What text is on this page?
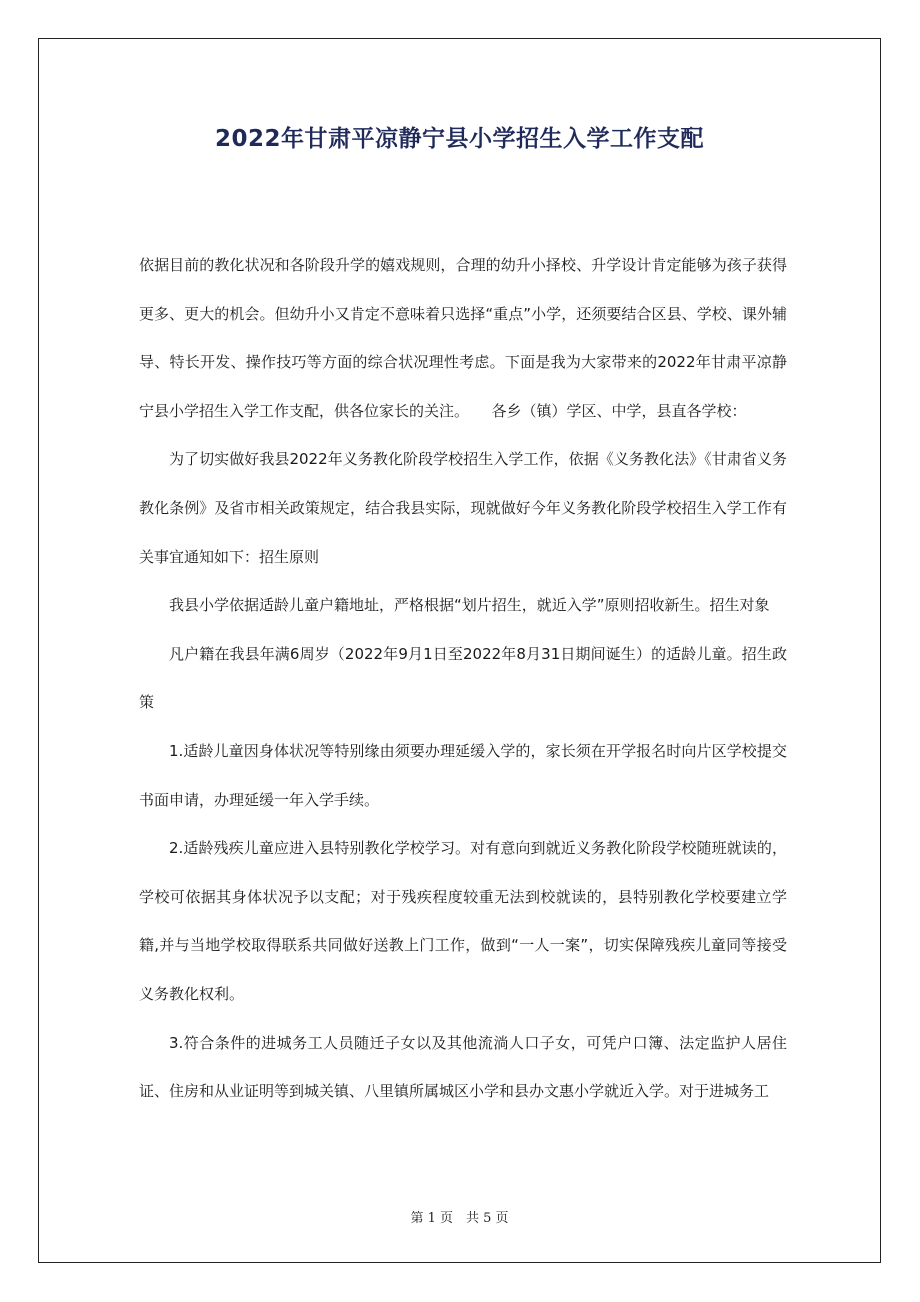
2022年甘肃平凉静宁县小学招生入学工作支配

依据目前的教化状况和各阶段升学的嬉戏规则，合理的幼升小择校、升学设计肯定能够为孩子获得更多、更大的机会。但幼升小又肯定不意味着只选择“重点”小学，还须要结合区县、学校、课外辅导、特长开发、操作技巧等方面的综合状况理性考虑。下面是我为大家带来的2022年甘肃平凉静宁县小学招生入学工作支配，供各位家长的关注。　　各乡（镇）学区、中学，县直各学校：

为了切实做好我县2022年义务教化阶段学校招生入学工作，依据《义务教化法》《甘肃省义务教化条例》及省市相关政策规定，结合我县实际，现就做好今年义务教化阶段学校招生入学工作有关事宜通知如下：招生原则

我县小学依据适龄儿童户籍地址，严格根据“划片招生，就近入学”原则招收新生。招生对象

凡户籍在我县年满6周岁（2022年9月1日至2022年8月31日期间诞生）的适龄儿童。招生政策

1.适龄儿童因身体状况等特别缘由须要办理延缓入学的，家长须在开学报名时向片区学校提交书面申请，办理延缓一年入学手续。

2.适龄残疾儿童应进入县特别教化学校学习。对有意向到就近义务教化阶段学校随班就读的，学校可依据其身体状况予以支配；对于残疾程度较重无法到校就读的，县特别教化学校要建立学籍,并与当地学校取得联系共同做好送教上门工作，做到“一人一案”，切实保障残疾儿童同等接受义务教化权利。

3.符合条件的进城务工人员随迁子女以及其他流淌人口子女，可凭户口簿、法定监护人居住证、住房和从业证明等到城关镇、八里镇所属城区小学和县办文惠小学就近入学。对于进城务工

第 1 页　共 5 页
